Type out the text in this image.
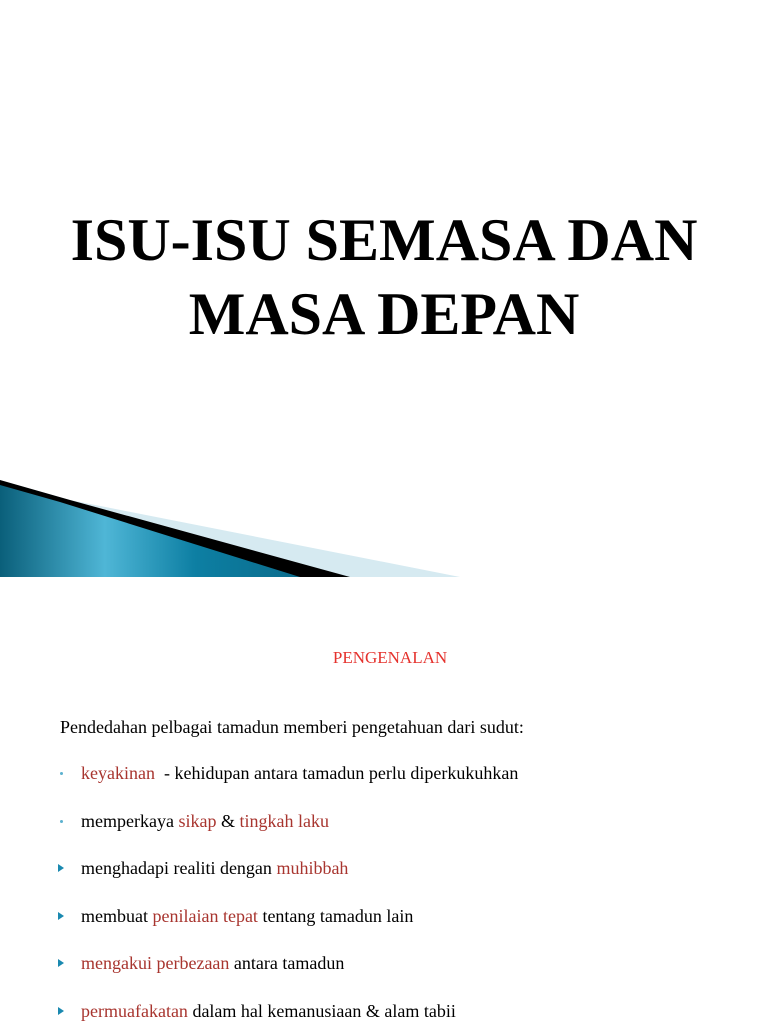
ISU-ISU SEMASA DAN
MASA DEPAN
PENGENALAN

Pendedahan pelbagai tamadun memberi pengetahuan dari sudut:

keyakinan  - kehidupan antara tamadun perlu diperkukuhkan
memperkaya sikap & tingkah laku
menghadapi realiti dengan muhibbah
membuat penilaian tepat tentang tamadun lain
mengakui perbezaan antara tamadun
permuafakatan dalam hal kemanusiaan & alam tabii
